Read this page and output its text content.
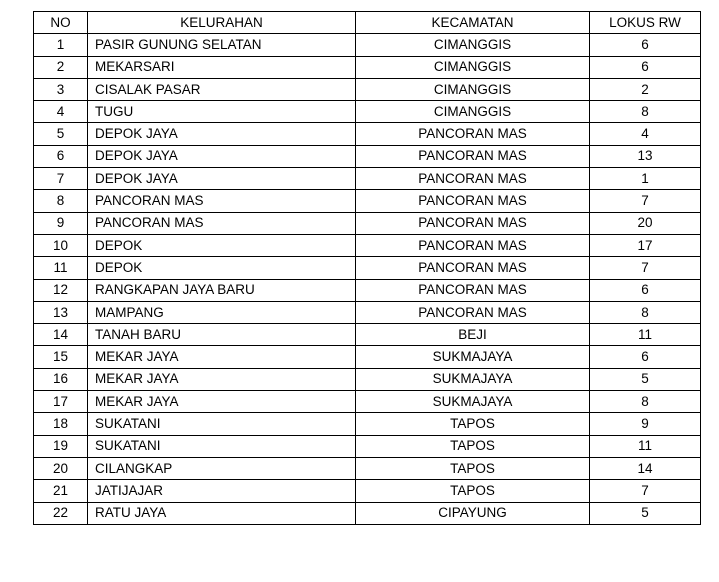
NO	KELURAHAN	KECAMATAN	LOKUS RW
1	PASIR GUNUNG SELATAN	CIMANGGIS	6
2	MEKARSARI	CIMANGGIS	6
3	CISALAK PASAR	CIMANGGIS	2
4	TUGU	CIMANGGIS	8
5	DEPOK JAYA	PANCORAN MAS	4
6	DEPOK JAYA	PANCORAN MAS	13
7	DEPOK JAYA	PANCORAN MAS	1
8	PANCORAN MAS	PANCORAN MAS	7
9	PANCORAN MAS	PANCORAN MAS	20
10	DEPOK	PANCORAN MAS	17
11	DEPOK	PANCORAN MAS	7
12	RANGKAPAN JAYA BARU	PANCORAN MAS	6
13	MAMPANG	PANCORAN MAS	8
14	TANAH BARU	BEJI	11
15	MEKAR JAYA	SUKMAJAYA	6
16	MEKAR JAYA	SUKMAJAYA	5
17	MEKAR JAYA	SUKMAJAYA	8
18	SUKATANI	TAPOS	9
19	SUKATANI	TAPOS	11
20	CILANGKAP	TAPOS	14
21	JATIJAJAR	TAPOS	7
22	RATU JAYA	CIPAYUNG	5
